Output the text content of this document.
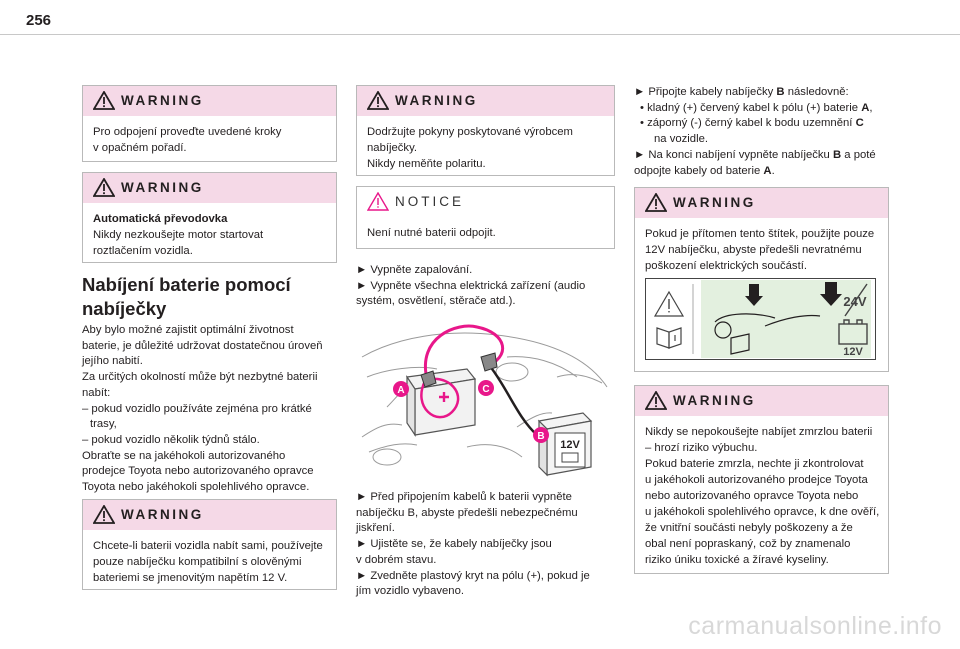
256
WARNING
Pro odpojení proveďte uvedené kroky
v opačném pořadí.
WARNING
Automatická převodovka
Nikdy nezkoušejte motor startovat
roztlačením vozidla.
Nabíjení baterie pomocí
nabíječky
Aby bylo možné zajistit optimální životnost
baterie, je důležité udržovat dostatečnou úroveň
jejího nabití.
Za určitých okolností může být nezbytné baterii
nabít:
– pokud vozidlo používáte zejména pro krátké
trasy,
– pokud vozidlo několik týdnů stálo.
Obraťte se na jakéhokoli autorizovaného
prodejce Toyota nebo autorizovaného opravce
Toyota nebo jakéhokoli spolehlivého opravce.
WARNING
Chcete-li baterii vozidla nabít sami, používejte
pouze nabíječku kompatibilní s olověnými
bateriemi se jmenovitým napětím 12 V.
WARNING
Dodržujte pokyny poskytované výrobcem
nabíječky.
Nikdy neměňte polaritu.
NOTICE
Není nutné baterii odpojit.
► Vypněte zapalování.
► Vypněte všechna elektrická zařízení (audio
systém, osvětlení, stěrače atd.).
12V
A	C
B
► Před připojením kabelů k baterii vypněte
nabíječku B, abyste předešli nebezpečnému
jiskření.
► Ujistěte se, že kabely nabíječky jsou
v dobrém stavu.
► Zvedněte plastový kryt na pólu (+), pokud je
jím vozidlo vybaveno.
► Připojte kabely nabíječky B následovně:
• kladný (+) červený kabel k pólu (+) baterie A,
• záporný (-) černý kabel k bodu uzemnění C
na vozidle.
► Na konci nabíjení vypněte nabíječku B a poté
odpojte kabely od baterie A.
WARNING
Pokud je přítomen tento štítek, použijte pouze
12V nabíječku, abyste předešli nevratnému
poškození elektrických součástí.
24V
12V
WARNING
Nikdy se nepokoušejte nabíjet zmrzlou baterii
– hrozí riziko výbuchu.
Pokud baterie zmrzla, nechte ji zkontrolovat
u jakéhokoli autorizovaného prodejce Toyota
nebo autorizovaného opravce Toyota nebo
u jakéhokoli spolehlivého opravce, k dne ověří,
že vnitřní součásti nebyly poškozeny a že
obal není popraskaný, což by znamenalo
riziko úniku toxické a žíravé kyseliny.
carmanualsonline.info
